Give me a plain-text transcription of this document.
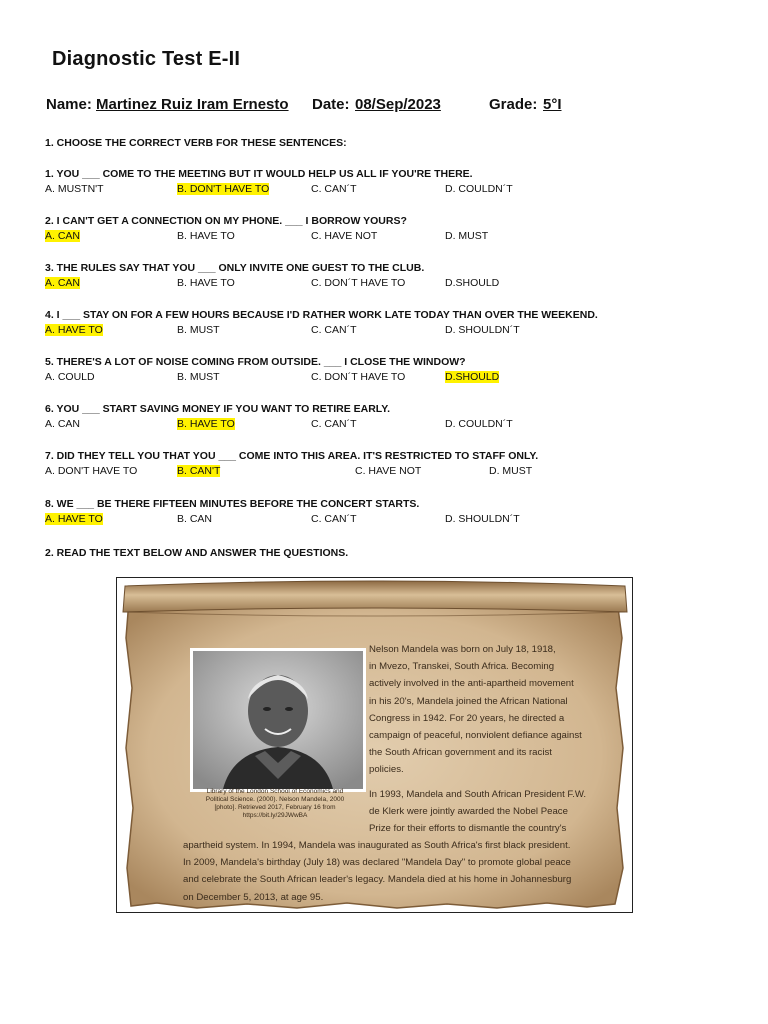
Diagnostic Test E-II
Name: Martinez Ruiz Iram Ernesto Date: 08/Sep/2023	Grade: 5°I
1. CHOOSE THE CORRECT VERB FOR THESE SENTENCES:
1. YOU ___ COME TO THE MEETING BUT IT WOULD HELP US ALL IF YOU'RE THERE.
A. MUSTN'T	B. DON'T HAVE TO	C. CAN´T	D. COULDN´T
2. I CAN'T GET A CONNECTION ON MY PHONE. ___ I BORROW YOURS?
A. CAN	B. HAVE TO	C. HAVE NOT	D. MUST
3. THE RULES SAY THAT YOU ___ ONLY INVITE ONE GUEST TO THE CLUB.
A. CAN	B. HAVE TO	C. DON´T HAVE TO	D.SHOULD
4. I ___ STAY ON FOR A FEW HOURS BECAUSE I'D RATHER WORK LATE TODAY THAN OVER THE WEEKEND.
A. HAVE TO	B. MUST	C. CAN´T	D. SHOULDN´T
5. THERE'S A LOT OF NOISE COMING FROM OUTSIDE. ___ I CLOSE THE WINDOW?
A. COULD	B. MUST	C. DON´T HAVE TO	D.SHOULD
6. YOU ___ START SAVING MONEY IF YOU WANT TO RETIRE EARLY.
A. CAN	B. HAVE TO	C. CAN´T	D. COULDN´T
7. DID THEY TELL YOU THAT YOU ___ COME INTO THIS AREA. IT'S RESTRICTED TO STAFF ONLY.
A. DON'T HAVE TO	B. CAN'T	C. HAVE NOT	D. MUST
8. WE ___ BE THERE FIFTEEN MINUTES BEFORE THE CONCERT STARTS.
A. HAVE TO	B. CAN	C. CAN´T	D. SHOULDN´T
2. READ THE TEXT BELOW AND ANSWER THE QUESTIONS.
Library of the London School of Economics and
Political Science. (2000). Nelson Mandela, 2000
[photo]. Retrieved 2017, February 16 from
https://bit.ly/29JWwBA
Nelson Mandela was born on July 18, 1918,
in Mvezo, Transkei, South Africa. Becoming
actively involved in the anti-apartheid movement
in his 20's, Mandela joined the African National
Congress in 1942. For 20 years, he directed a
campaign of peaceful, nonviolent defiance against
the South African government and its racist
policies.
In 1993, Mandela and South African President F.W.
de Klerk were jointly awarded the Nobel Peace
Prize for their efforts to dismantle the country's
apartheid system. In 1994, Mandela was inaugurated as South Africa's first black president.
In 2009, Mandela's birthday (July 18) was declared "Mandela Day" to promote global peace
and celebrate the South African leader's legacy. Mandela died at his home in Johannesburg
on December 5, 2013, at age 95.
